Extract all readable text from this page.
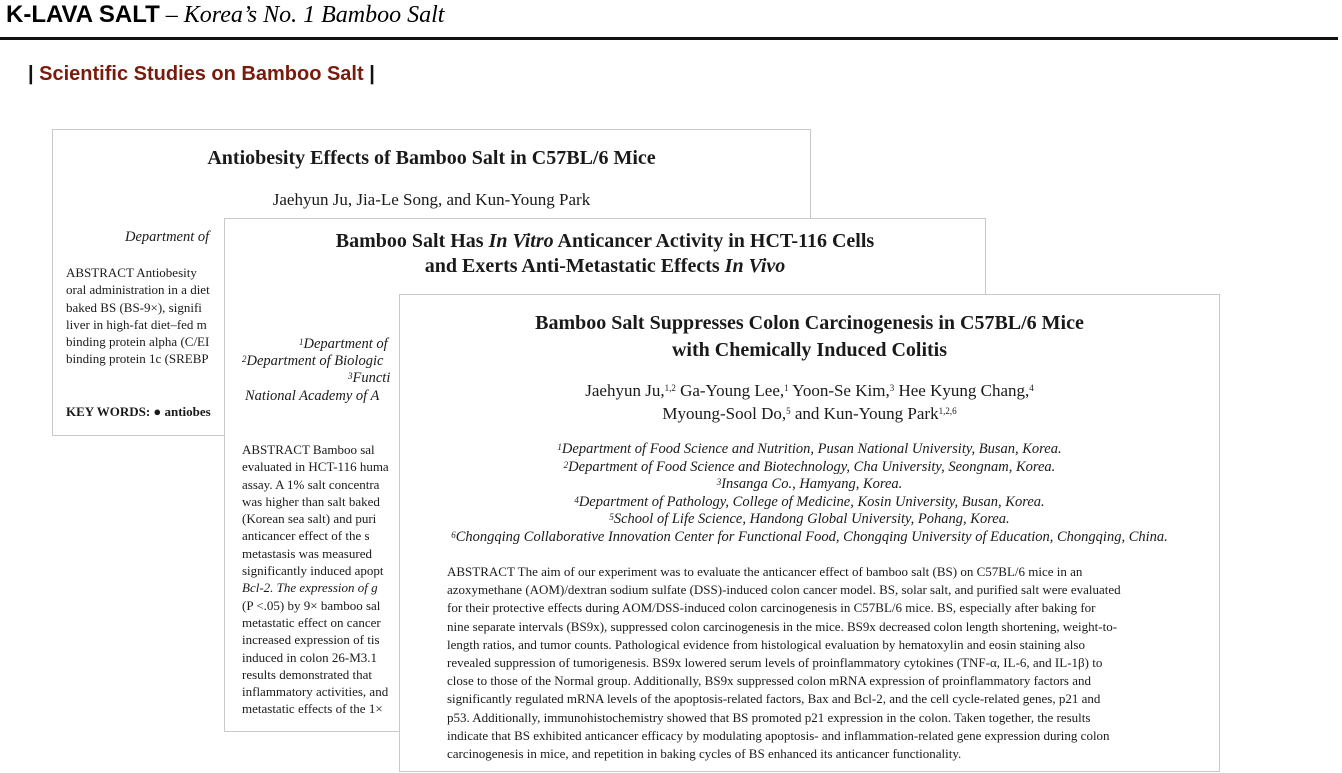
K-LAVA SALT – Korea’s No. 1 Bamboo Salt
| Scientific Studies on Bamboo Salt |
Antiobesity Effects of Bamboo Salt in C57BL/6 Mice
Jaehyun Ju, Jia-Le Song, and Kun-Young Park
Department of
ABSTRACT Antiobesity
oral administration in a diet
baked BS (BS-9×), signifi
liver in high-fat diet–fed m
binding protein alpha (C/EI
binding protein 1c (SREBP
KEY WORDS: ● antiobes
Bamboo Salt Has In Vitro Anticancer Activity in HCT-116 Cells
and Exerts Anti-Metastatic Effects In Vivo
$^1$Department of
$^2$Department of Biologic
$^3$Functi
National Academy of A
ABSTRACT Bamboo sal
evaluated in HCT-116 huma
assay. A 1% salt concentra
was higher than salt baked
(Korean sea salt) and puri
anticancer effect of the s
metastasis was measured
significantly induced apopt
Bcl-2. The expression of g
(P <.05) by 9× bamboo sal
metastatic effect on cancer
increased expression of tis
induced in colon 26-M3.1
results demonstrated that
inflammatory activities, and
metastatic effects of the 1×
Bamboo Salt Suppresses Colon Carcinogenesis in C57BL/6 Mice
with Chemically Induced Colitis
Jaehyun Ju,$^{1,2}$ Ga-Young Lee,$^1$ Yoon-Se Kim,$^3$ Hee Kyung Chang,$^4$
Myoung-Sool Do,$^5$ and Kun-Young Park$^{1,2,6}$
$^1$Department of Food Science and Nutrition, Pusan National University, Busan, Korea.
$^2$Department of Food Science and Biotechnology, Cha University, Seongnam, Korea.
$^3$Insanga Co., Hamyang, Korea.
$^4$Department of Pathology, College of Medicine, Kosin University, Busan, Korea.
$^5$School of Life Science, Handong Global University, Pohang, Korea.
$^6$Chongqing Collaborative Innovation Center for Functional Food, Chongqing University of Education, Chongqing, China.
ABSTRACT The aim of our experiment was to evaluate the anticancer effect of bamboo salt (BS) on C57BL/6 mice in an
azoxymethane (AOM)/dextran sodium sulfate (DSS)-induced colon cancer model. BS, solar salt, and purified salt were evaluated
for their protective effects during AOM/DSS-induced colon carcinogenesis in C57BL/6 mice. BS, especially after baking for
nine separate intervals (BS9x), suppressed colon carcinogenesis in the mice. BS9x decreased colon length shortening, weight-to-
length ratios, and tumor counts. Pathological evidence from histological evaluation by hematoxylin and eosin staining also
revealed suppression of tumorigenesis. BS9x lowered serum levels of proinflammatory cytokines (TNF-α, IL-6, and IL-1β) to
close to those of the Normal group. Additionally, BS9x suppressed colon mRNA expression of proinflammatory factors and
significantly regulated mRNA levels of the apoptosis-related factors, Bax and Bcl-2, and the cell cycle-related genes, p21 and
p53. Additionally, immunohistochemistry showed that BS promoted p21 expression in the colon. Taken together, the results
indicate that BS exhibited anticancer efficacy by modulating apoptosis- and inflammation-related gene expression during colon
carcinogenesis in mice, and repetition in baking cycles of BS enhanced its anticancer functionality.
